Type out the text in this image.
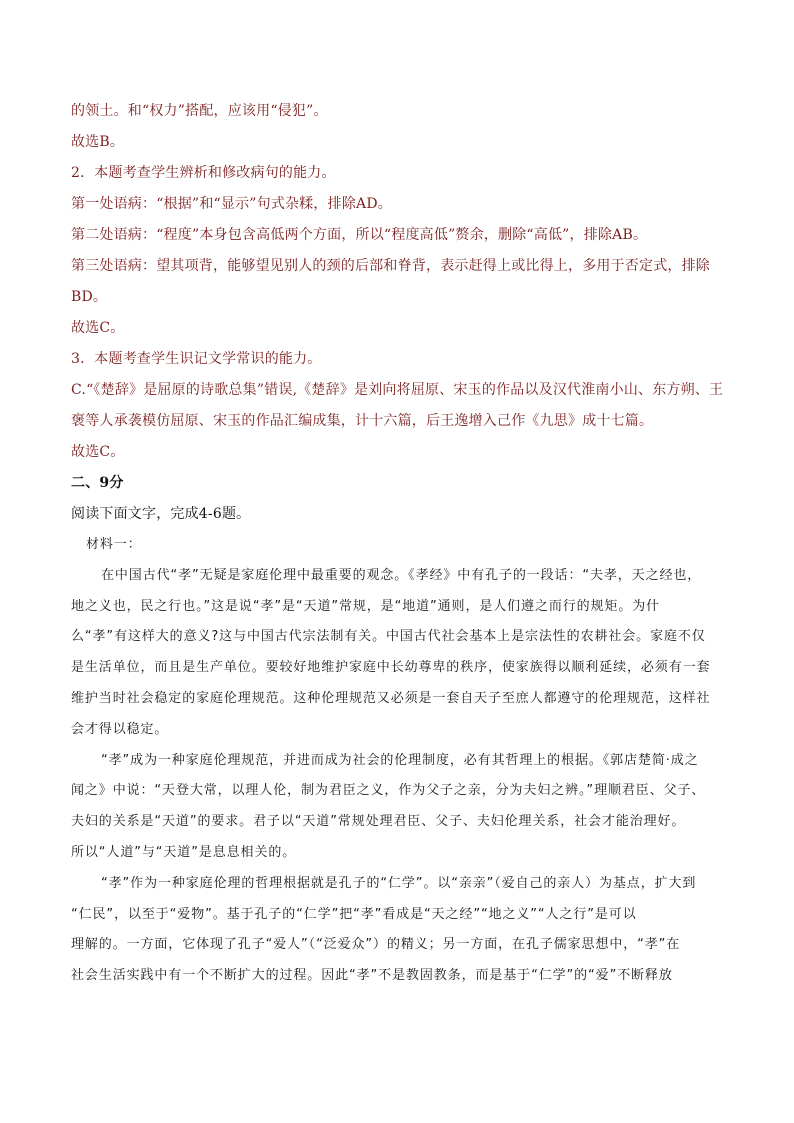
的领土。和“权力”搭配，应该用“侵犯”。
故选B。
2．本题考查学生辨析和修改病句的能力。
第一处语病：“根据”和“显示”句式杂糅，排除AD。
第二处语病：“程度”本身包含高低两个方面，所以“程度高低”赘余，删除“高低”，排除AB。
第三处语病：望其项背，能够望见别人的颈的后部和脊背，表示赶得上或比得上，多用于否定式，排除
BD。
故选C。
3．本题考查学生识记文学常识的能力。
C.“《楚辞》是屈原的诗歌总集”错误,《楚辞》是刘向将屈原、宋玉的作品以及汉代淮南小山、东方朔、王
褒等人承袭模仿屈原、宋玉的作品汇编成集，计十六篇，后王逸增入己作《九思》成十七篇。
故选C。
二、9分
阅读下面文字，完成4-6题。
材料一：
在中国古代“孝”无疑是家庭伦理中最重要的观念。《孝经》中有孔子的一段话：“夫孝，天之经也，
地之义也，民之行也。”这是说“孝”是“天道”常规，是“地道”通则，是人们遵之而行的规矩。为什
么“孝”有这样大的意义?这与中国古代宗法制有关。中国古代社会基本上是宗法性的农耕社会。家庭不仅
是生活单位，而且是生产单位。要较好地维护家庭中长幼尊卑的秩序，使家族得以顺利延续，必须有一套
维护当时社会稳定的家庭伦理规范。这种伦理规范又必须是一套自天子至庶人都遵守的伦理规范，这样社
会才得以稳定。
“孝”成为一种家庭伦理规范，并进而成为社会的伦理制度，必有其哲理上的根据。《郭店楚简·成之
闻之》中说：“天登大常，以理人伦，制为君臣之义，作为父子之亲，分为夫妇之辨。”理顺君臣、父子、
夫妇的关系是“天道”的要求。君子以“天道”常规处理君臣、父子、夫妇伦理关系，社会才能治理好。
所以“人道”与“天道”是息息相关的。
“孝”作为一种家庭伦理的哲理根据就是孔子的“仁学”。以“亲亲”（爱自己的亲人）为基点，扩大到
“仁民”，以至于“爱物”。基于孔子的“仁学”把“孝”看成是“天之经”“地之义”“人之行”是可以
理解的。一方面，它体现了孔子“爱人”（“泛爱众”）的精义；另一方面，在孔子儒家思想中，“孝”在
社会生活实践中有一个不断扩大的过程。因此“孝”不是教固教条，而是基于“仁学”的“爱”不断释放
